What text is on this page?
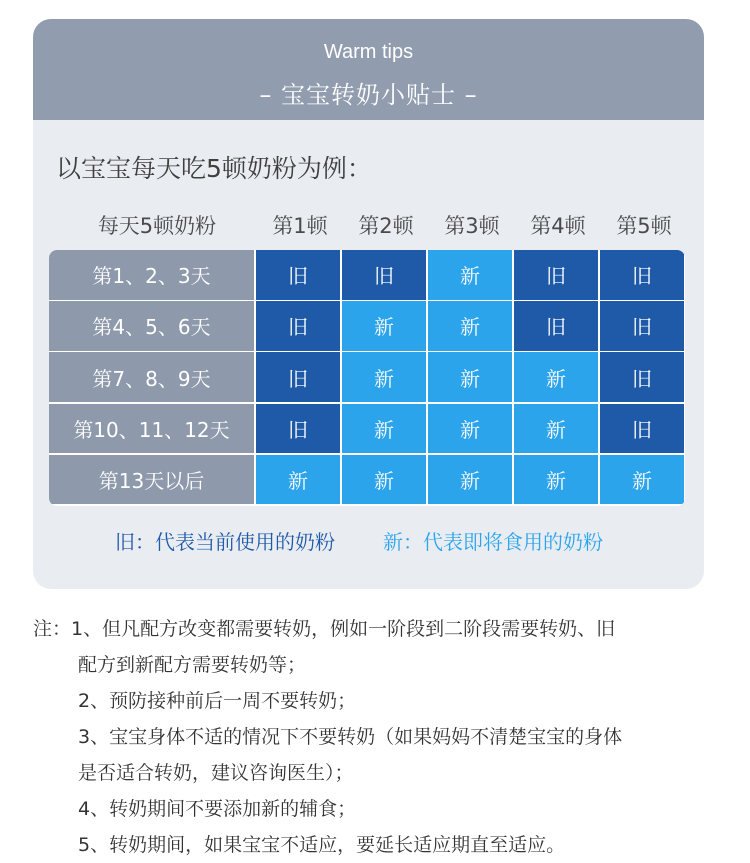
Warm tips
– 宝宝转奶小贴士 –
以宝宝每天吃5顿奶粉为例：
每天5顿奶粉	第1顿	第2顿	第3顿	第4顿	第5顿
第1、2、3天	旧	旧	新	旧	旧
第4、5、6天	旧	新	新	旧	旧
第7、8、9天	旧	新	新	新	旧
第10、11、12天	旧	新	新	新	旧
第13天以后	新	新	新	新	新
旧：代表当前使用的奶粉 新：代表即将食用的奶粉
注：1、但凡配方改变都需要转奶，例如一阶段到二阶段需要转奶、旧
配方到新配方需要转奶等；
2、预防接种前后一周不要转奶；
3、宝宝身体不适的情况下不要转奶（如果妈妈不清楚宝宝的身体
是否适合转奶，建议咨询医生）；
4、转奶期间不要添加新的辅食；
5、转奶期间，如果宝宝不适应，要延长适应期直至适应。
